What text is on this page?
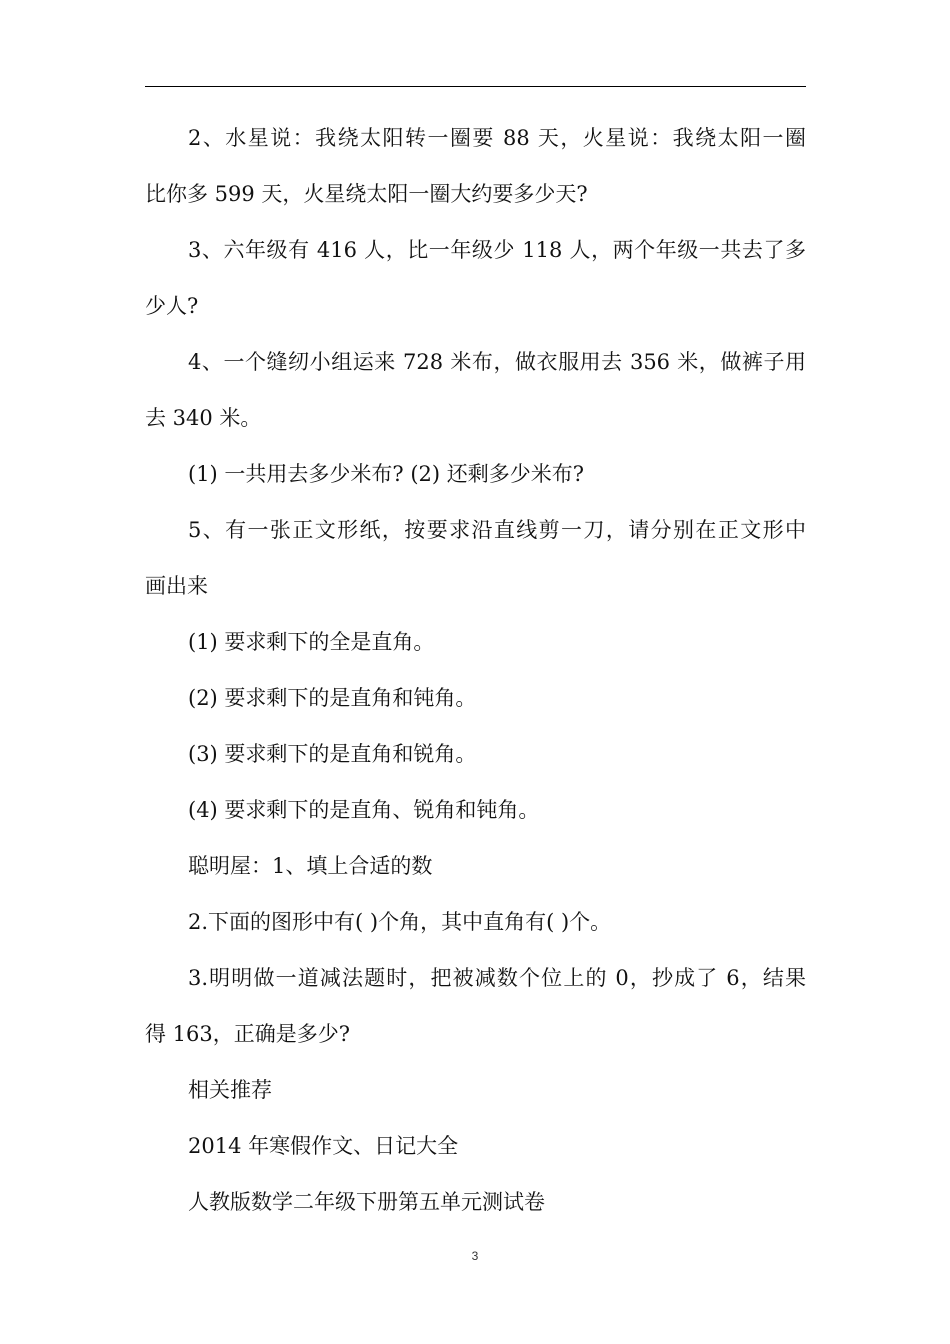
2、水星说：我绕太阳转一圈要 88 天，火星说：我绕太阳一圈
比你多 599 天，火星绕太阳一圈大约要多少天?
3、六年级有 416 人，比一年级少 118 人，两个年级一共去了多
少人?
4、一个缝纫小组运来 728 米布，做衣服用去 356 米，做裤子用
去 340 米。
(1) 一共用去多少米布? (2) 还剩多少米布?
5、有一张正文形纸，按要求沿直线剪一刀，请分别在正文形中
画出来
(1) 要求剩下的全是直角。
(2) 要求剩下的是直角和钝角。
(3) 要求剩下的是直角和锐角。
(4) 要求剩下的是直角、锐角和钝角。
聪明屋：1、填上合适的数
2.下面的图形中有( )个角，其中直角有( )个。
3.明明做一道减法题时，把被减数个位上的 0，抄成了 6，结果
得 163，正确是多少?
相关推荐
2014 年寒假作文、日记大全
人教版数学二年级下册第五单元测试卷
3
